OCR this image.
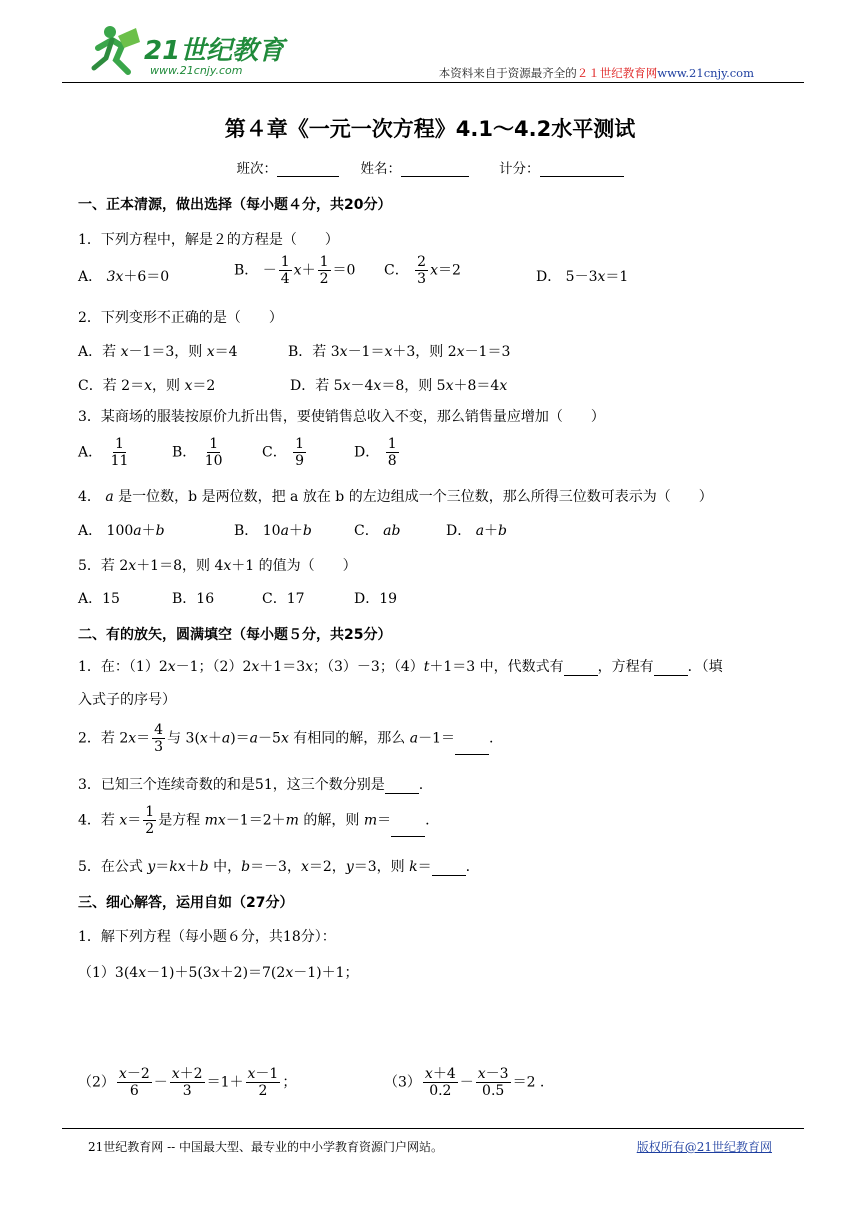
21世纪教育
www.21cnjy.com	本资料来自于资源最齐全的２１世纪教育网www.21cnjy.com
第４章《一元一次方程》4.1～4.2水平测试
班次：	姓名：	计分：
一、正本清源，做出选择（每小题４分，共20分）
1．下列方程中，解是２的方程是（　　）
A． 3x＋6＝0	B． － $\frac{1}{4} x+ \frac{1}{2} =0$ C． $\frac{2}{3} x=2$	D． 5－3x＝1
2．下列变形不正确的是（　　）
A．若 x－1＝3，则 x＝4	B．若 3x－1＝x＋3，则 2x－1＝3
C．若 2＝x，则 x＝2	D．若 5x－4x＝8，则 5x＋8＝4x
3．某商场的服装按原价九折出售，要使销售总收入不变，那么销售量应增加（　　）
A． $\frac{1}{11}$	B． $\frac{1}{10}$	C． $\frac{1}{9}$	D． $\frac{1}{8}$
4． a 是一位数，b 是两位数，把 a 放在 b 的左边组成一个三位数，那么所得三位数可表示为（　　）
A． 100a＋b	B． 10a＋b	C． ab	D． a＋b
5．若 2x＋1＝8，则 4x＋1 的值为（　　）
A．15	B．16	C．17	D．19
二、有的放矢，圆满填空（每小题５分，共25分）
1．在：（1）2x－1；（2）2x＋1＝3x；（3）－3；（4）t＋1＝3 中，代数式有 ，方程有 ．（填
入式子的序号）
2．若 $2x= \frac{4}{3}$ 与 3(x＋a)＝a－5x 有相同的解，那么 a－1＝ .
3．已知三个连续奇数的和是51，这三个数分别是 .
4．若 $x= \frac{1}{2}$ 是方程 mx－1＝2＋m 的解，则 m＝ .
5．在公式 y＝kx＋b 中，b＝－3，x＝2，y＝3，则 k＝ .
三、细心解答，运用自如（27分）
1．解下列方程（每小题６分，共18分）：
（1）3(4x－1)＋5(3x＋2)＝7(2x－1)＋1；
$(2) \frac{x-2}{6} - \frac{x+2}{3} =1+ \frac{x-1}{2}$ ；	$(3) \frac{x+4}{0.2} - \frac{x-3}{0.5} =2$ .
21世纪教育网 -- 中国最大型、最专业的中小学教育资源门户网站。	版权所有@21世纪教育网
